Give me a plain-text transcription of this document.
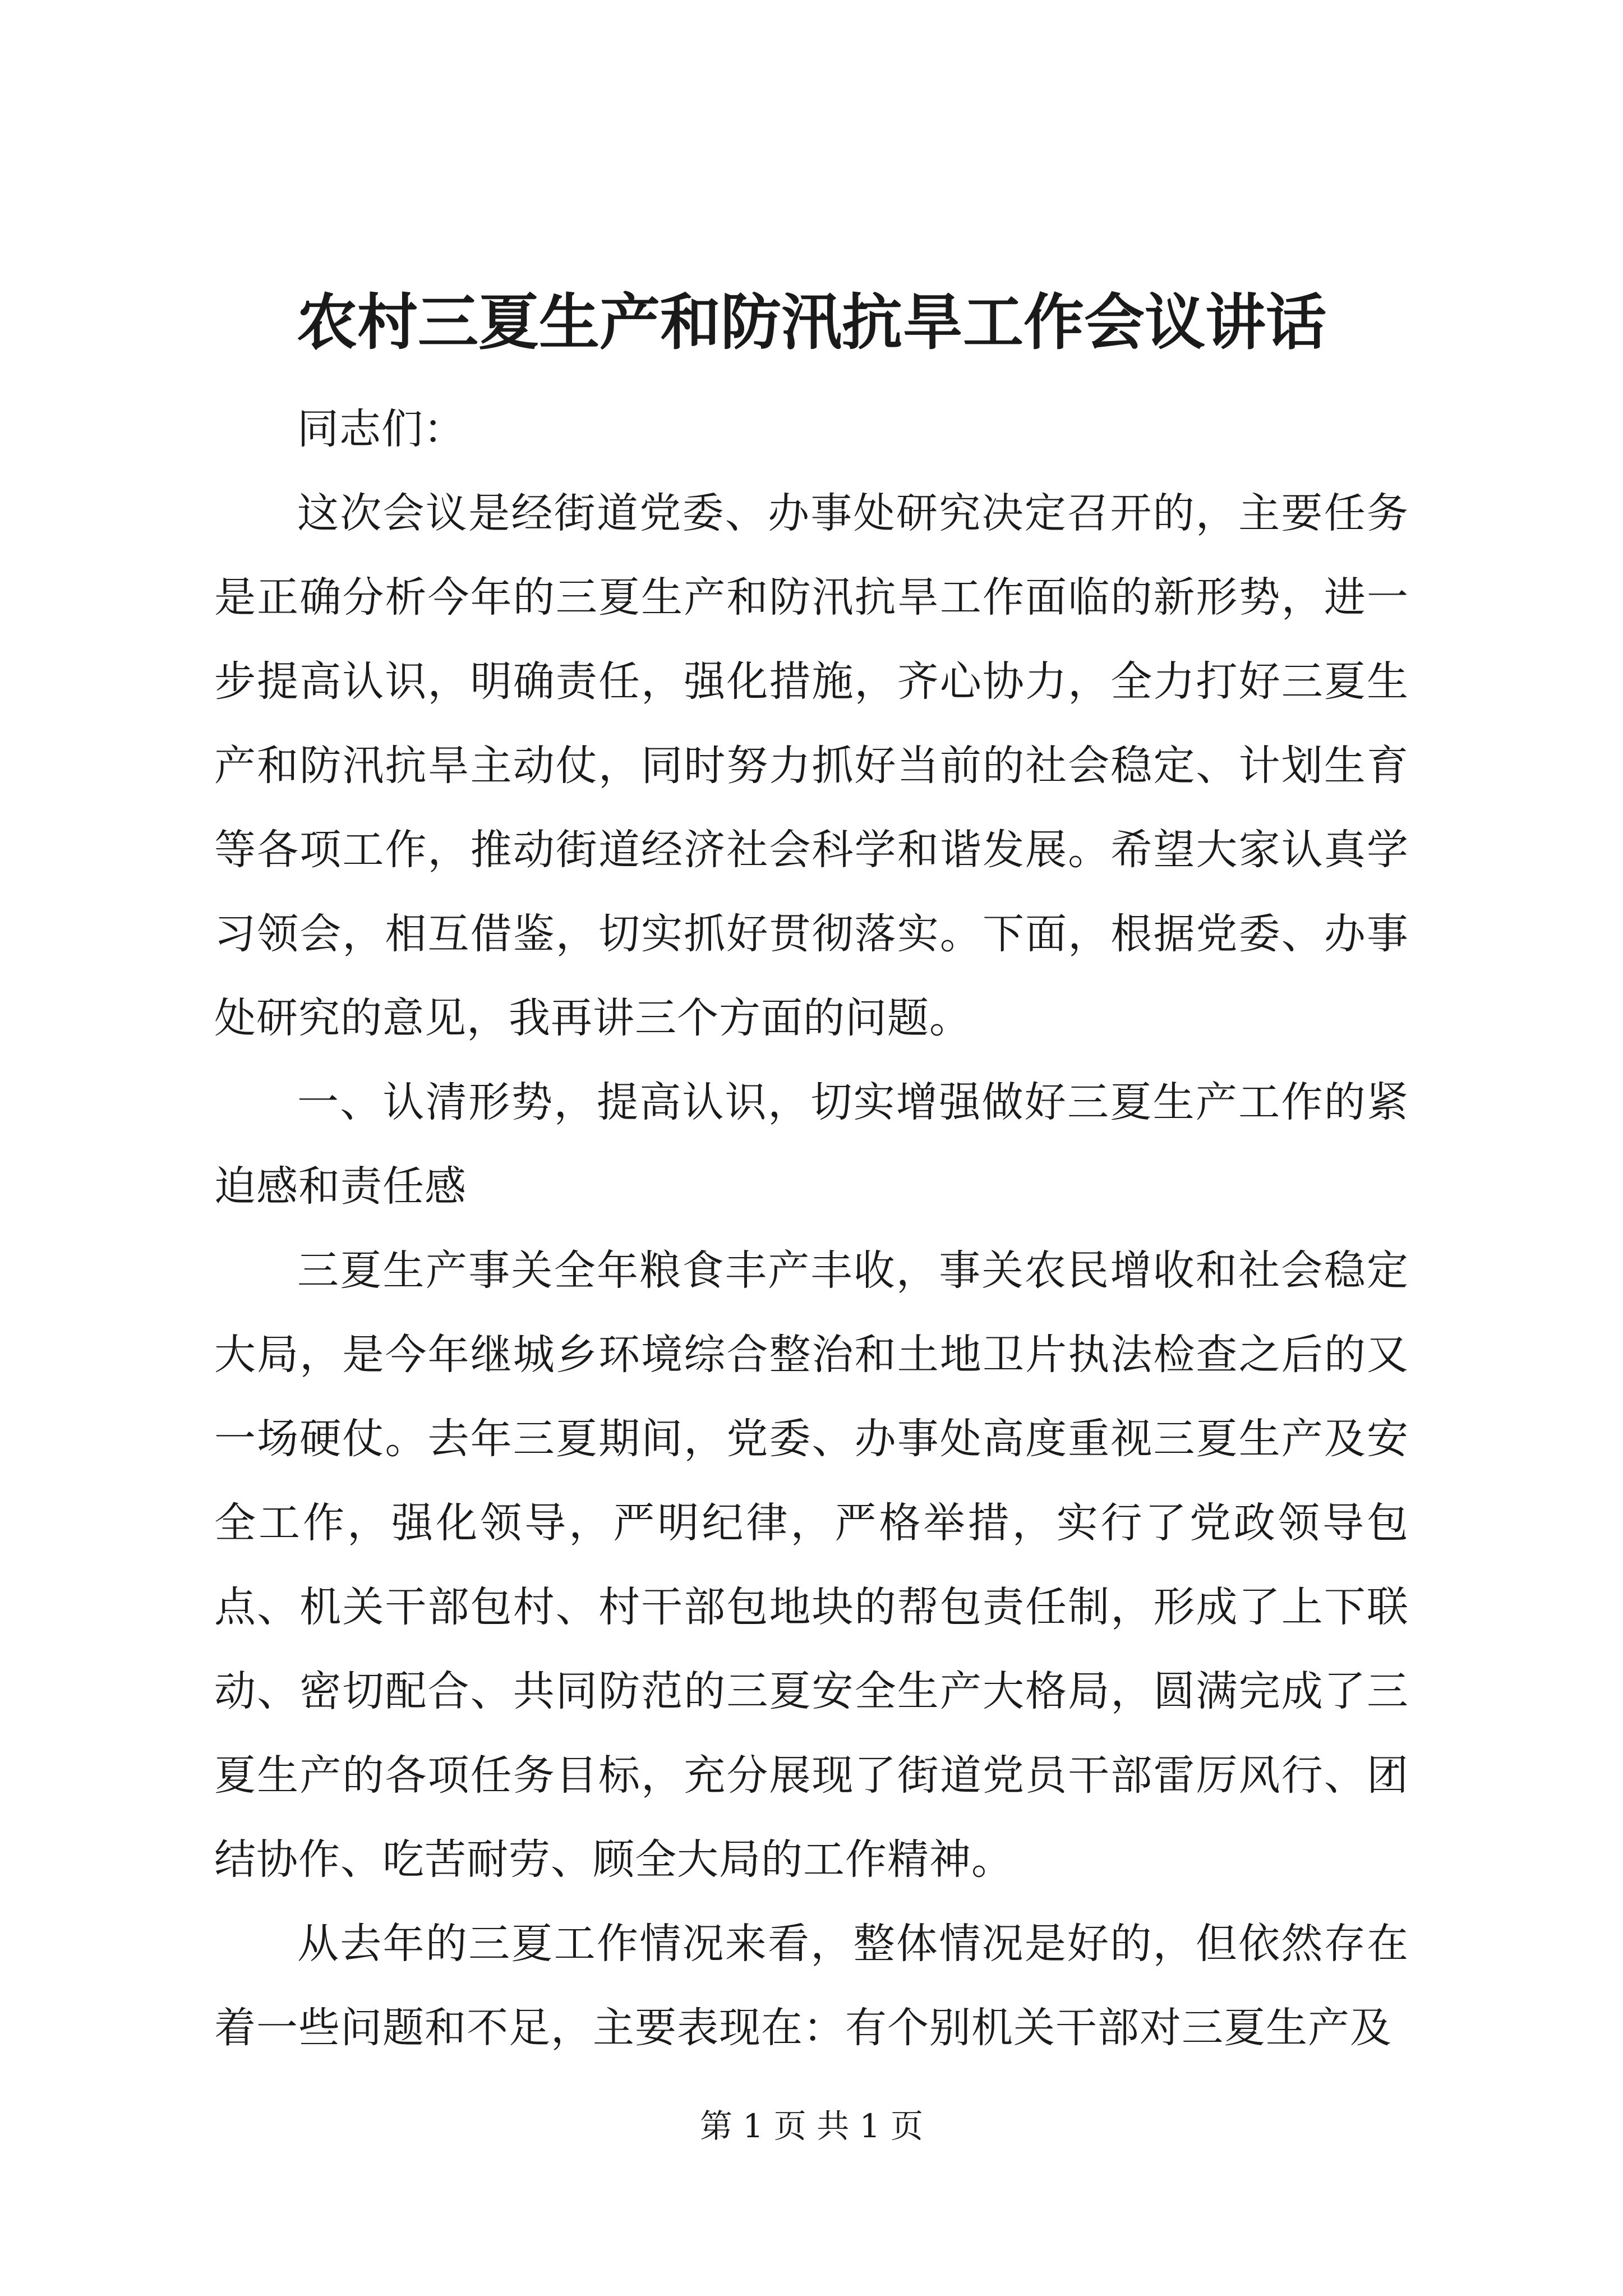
农村三夏生产和防汛抗旱工作会议讲话

同志们：

这次会议是经街道党委、办事处研究决定召开的，主要任务是正确分析今年的三夏生产和防汛抗旱工作面临的新形势，进一步提高认识，明确责任，强化措施，齐心协力，全力打好三夏生产和防汛抗旱主动仗，同时努力抓好当前的社会稳定、计划生育等各项工作，推动街道经济社会科学和谐发展。希望大家认真学习领会，相互借鉴，切实抓好贯彻落实。下面，根据党委、办事处研究的意见，我再讲三个方面的问题。

一、认清形势，提高认识，切实增强做好三夏生产工作的紧迫感和责任感

三夏生产事关全年粮食丰产丰收，事关农民增收和社会稳定大局，是今年继城乡环境综合整治和土地卫片执法检查之后的又一场硬仗。去年三夏期间，党委、办事处高度重视三夏生产及安全工作，强化领导，严明纪律，严格举措，实行了党政领导包点、机关干部包村、村干部包地块的帮包责任制，形成了上下联动、密切配合、共同防范的三夏安全生产大格局，圆满完成了三夏生产的各项任务目标，充分展现了街道党员干部雷厉风行、团结协作、吃苦耐劳、顾全大局的工作精神。

从去年的三夏工作情况来看，整体情况是好的，但依然存在着一些问题和不足，主要表现在：有个别机关干部对三夏生产及

第 1 页 共 1 页
